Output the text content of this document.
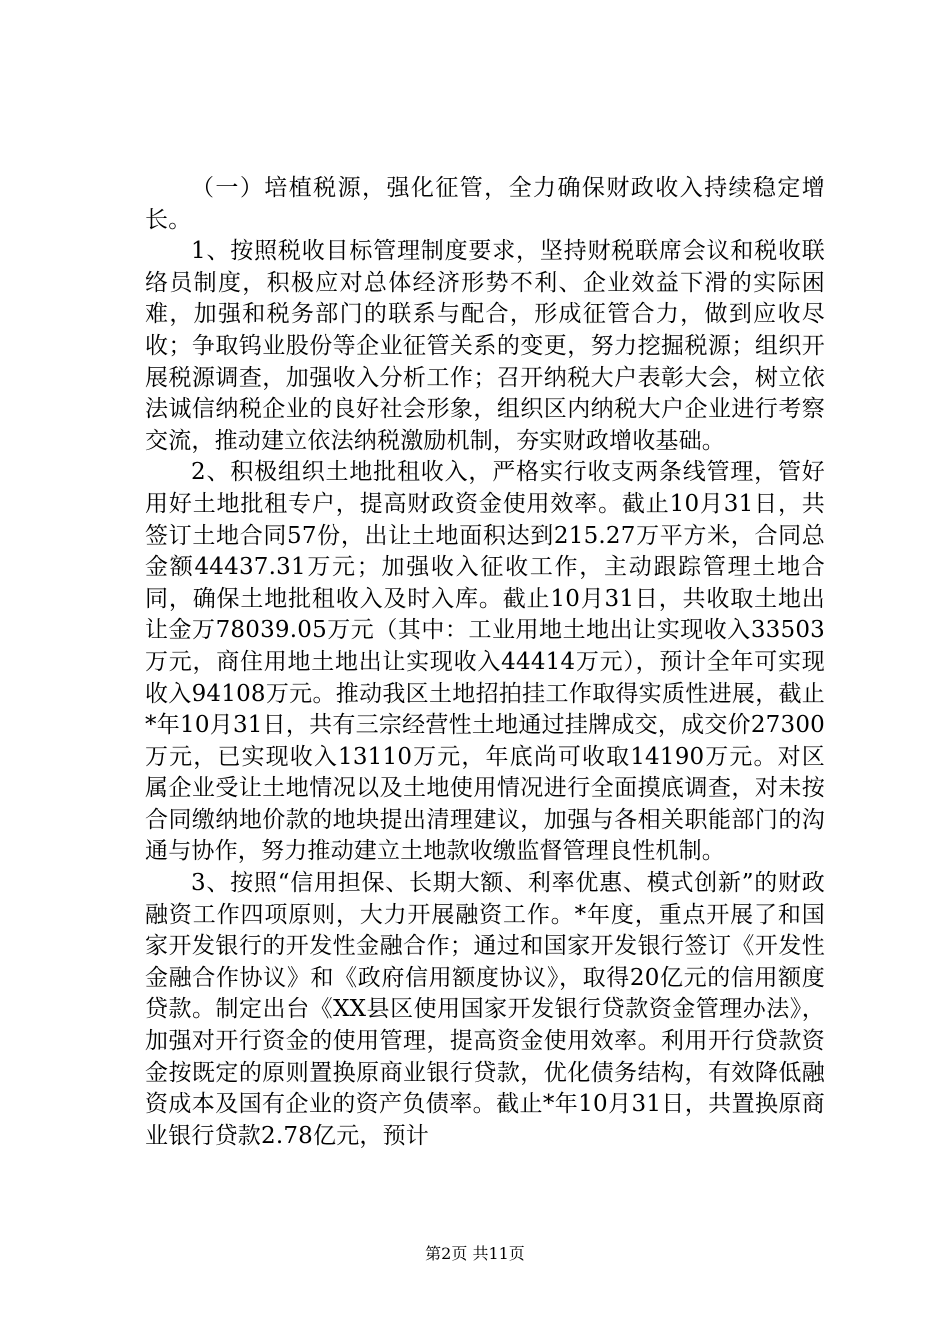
（一）培植税源，强化征管，全力确保财政收入持续稳定增长。

1、按照税收目标管理制度要求，坚持财税联席会议和税收联络员制度，积极应对总体经济形势不利、企业效益下滑的实际困难，加强和税务部门的联系与配合，形成征管合力，做到应收尽收；争取钨业股份等企业征管关系的变更，努力挖掘税源；组织开展税源调查，加强收入分析工作；召开纳税大户表彰大会，树立依法诚信纳税企业的良好社会形象，组织区内纳税大户企业进行考察交流，推动建立依法纳税激励机制，夯实财政增收基础。

2、积极组织土地批租收入，严格实行收支两条线管理，管好用好土地批租专户，提高财政资金使用效率。截止10月31日，共签订土地合同57份，出让土地面积达到215.27万平方米，合同总金额44437.31万元；加强收入征收工作，主动跟踪管理土地合同，确保土地批租收入及时入库。截止10月31日，共收取土地出让金万78039.05万元（其中：工业用地土地出让实现收入33503万元，商住用地土地出让实现收入44414万元），预计全年可实现收入94108万元。推动我区土地招拍挂工作取得实质性进展，截止*年10月31日，共有三宗经营性土地通过挂牌成交，成交价27300万元，已实现收入13110万元，年底尚可收取14190万元。对区属企业受让土地情况以及土地使用情况进行全面摸底调查，对未按合同缴纳地价款的地块提出清理建议，加强与各相关职能部门的沟通与协作，努力推动建立土地款收缴监督管理良性机制。

3、按照“信用担保、长期大额、利率优惠、模式创新”的财政融资工作四项原则，大力开展融资工作。*年度，重点开展了和国家开发银行的开发性金融合作；通过和国家开发银行签订《开发性金融合作协议》和《政府信用额度协议》，取得20亿元的信用额度贷款。制定出台《XX县区使用国家开发银行贷款资金管理办法》，加强对开行资金的使用管理，提高资金使用效率。利用开行贷款资金按既定的原则置换原商业银行贷款，优化债务结构，有效降低融资成本及国有企业的资产负债率。截止*年10月31日，共置换原商业银行贷款2.78亿元，预计

第2页 共11页
